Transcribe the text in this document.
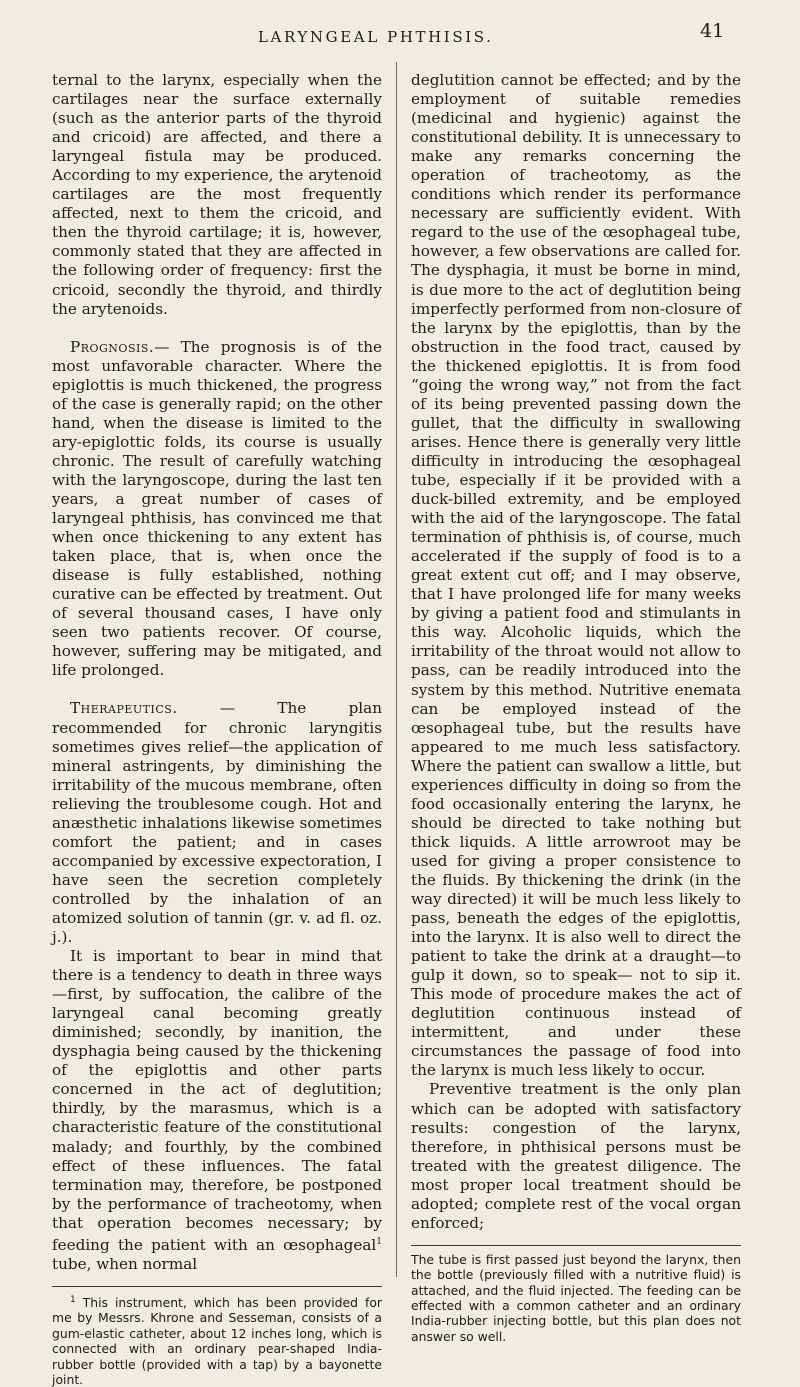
LARYNGEAL PHTHISIS.	41

ternal to the larynx, especially when the cartilages near the surface externally (such as the anterior parts of the thyroid and cricoid) are affected, and there a laryngeal fistula may be produced. According to my experience, the arytenoid cartilages are the most frequently affected, next to them the cricoid, and then the thyroid cartilage; it is, however, commonly stated that they are affected in the following order of frequency: first the cricoid, secondly the thyroid, and thirdly the arytenoids.

Prognosis.— The prognosis is of the most unfavorable character. Where the epiglottis is much thickened, the progress of the case is generally rapid; on the other hand, when the disease is limited to the ary-epiglottic folds, its course is usually chronic. The result of carefully watching with the laryngoscope, during the last ten years, a great number of cases of laryngeal phthisis, has convinced me that when once thickening to any extent has taken place, that is, when once the disease is fully established, nothing curative can be effected by treatment. Out of several thousand cases, I have only seen two patients recover. Of course, however, suffering may be mitigated, and life prolonged.

Therapeutics. — The plan recommended for chronic laryngitis sometimes gives relief—the application of mineral astringents, by diminishing the irritability of the mucous membrane, often relieving the troublesome cough. Hot and anæsthetic inhalations likewise sometimes comfort the patient; and in cases accompanied by excessive expectoration, I have seen the secretion completely controlled by the inhalation of an atomized solution of tannin (gr. v. ad fl. oz. j.).

It is important to bear in mind that there is a tendency to death in three ways —first, by suffocation, the calibre of the laryngeal canal becoming greatly diminished; secondly, by inanition, the dysphagia being caused by the thickening of the epiglottis and other parts concerned in the act of deglutition; thirdly, by the marasmus, which is a characteristic feature of the constitutional malady; and fourthly, by the combined effect of these influences. The fatal termination may, therefore, be postponed by the performance of tracheotomy, when that operation becomes necessary; by feeding the patient with an œsophageal$^1$ tube, when normal

$^1$ This instrument, which has been provided for me by Messrs. Khrone and Sesseman, consists of a gum-elastic catheter, about 12 inches long, which is connected with an ordinary pear-shaped India-rubber bottle (provided with a tap) by a bayonette joint.

deglutition cannot be effected; and by the employment of suitable remedies (medicinal and hygienic) against the constitutional debility. It is unnecessary to make any remarks concerning the operation of tracheotomy, as the conditions which render its performance necessary are sufficiently evident. With regard to the use of the œsophageal tube, however, a few observations are called for. The dysphagia, it must be borne in mind, is due more to the act of deglutition being imperfectly performed from non-closure of the larynx by the epiglottis, than by the obstruction in the food tract, caused by the thickened epiglottis. It is from food “going the wrong way,” not from the fact of its being prevented passing down the gullet, that the difficulty in swallowing arises. Hence there is generally very little difficulty in introducing the œsophageal tube, especially if it be provided with a duck-billed extremity, and be employed with the aid of the laryngoscope. The fatal termination of phthisis is, of course, much accelerated if the supply of food is to a great extent cut off; and I may observe, that I have prolonged life for many weeks by giving a patient food and stimulants in this way. Alcoholic liquids, which the irritability of the throat would not allow to pass, can be readily introduced into the system by this method. Nutritive enemata can be employed instead of the œsophageal tube, but the results have appeared to me much less satisfactory. Where the patient can swallow a little, but experiences difficulty in doing so from the food occasionally entering the larynx, he should be directed to take nothing but thick liquids. A little arrowroot may be used for giving a proper consistence to the fluids. By thickening the drink (in the way directed) it will be much less likely to pass, beneath the edges of the epiglottis, into the larynx. It is also well to direct the patient to take the drink at a draught—to gulp it down, so to speak— not to sip it. This mode of procedure makes the act of deglutition continuous instead of intermittent, and under these circumstances the passage of food into the larynx is much less likely to occur.

Preventive treatment is the only plan which can be adopted with satisfactory results: congestion of the larynx, therefore, in phthisical persons must be treated with the greatest diligence. The most proper local treatment should be adopted; complete rest of the vocal organ enforced;

The tube is first passed just beyond the larynx, then the bottle (previously filled with a nutritive fluid) is attached, and the fluid injected. The feeding can be effected with a common catheter and an ordinary India-rubber injecting bottle, but this plan does not answer so well.
